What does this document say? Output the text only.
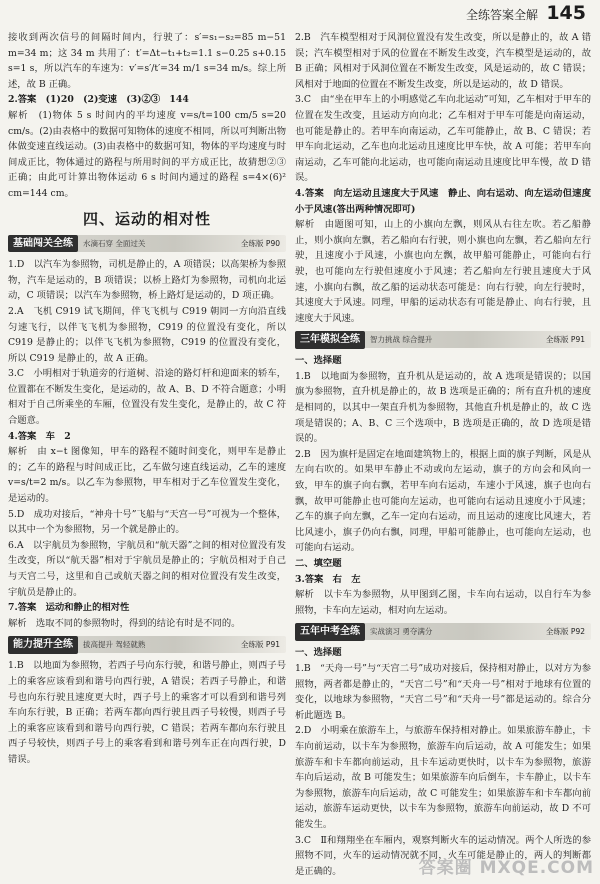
全练答案全解 145

接收到两次信号的间隔时间内，行驶了：s′=s₁−s₂=85 m−51 m=34 m；这 34 m 共用了：t′=Δt−t₁+t₂=1.1 s−0.25 s+0.15 s=1 s，所以汽车的车速为：v′=s′/t′=34 m/1 s=34 m/s。综上所述，故 B 正确。

2.答案　(1)20　(2)变速　(3)②③　144

解析　(1)物体 5 s 时间内的平均速度 v=s/t=100 cm/5 s=20 cm/s。(2)由表格中的数据可知物体的速度不相同，所以可判断出物体做变速直线运动。(3)由表格中的数据可知，物体的平均速度与时间成正比，物体通过的路程与所用时间的平方成正比，故猜想②③正确；由此可计算出物体运动 6 s 时间内通过的路程 s=4×(6)² cm=144 cm。

四、运动的相对性
基础闯关全练	水滴石穿 全面过关	全练版 P90

1.D　以汽车为参照物，司机是静止的，A 项错误；以高架桥为参照物，汽车是运动的，B 项错误；以桥上路灯为参照物，司机向北运动，C 项错误；以汽车为参照物，桥上路灯是运动的，D 项正确。

2.A　飞机 C919 试飞期间，伴飞飞机与 C919 朝同一方向沿直线匀速飞行，以伴飞飞机为参照物，C919 的位置没有变化，所以 C919 是静止的；以伴飞飞机为参照物，C919 的位置没有变化，所以 C919 是静止的，故 A 正确。

3.C　小明相对于轨道旁的行道树、沿途的路灯杆和迎面来的轿车，位置都在不断发生变化，是运动的，故 A、B、D 不符合题意；小明相对于自己所乘坐的车厢，位置没有发生变化，是静止的，故 C 符合题意。

4.答案　车　2

解析　由 x−t 图像知，甲车的路程不随时间变化，则甲车是静止的；乙车的路程与时间成正比，乙车做匀速直线运动，乙车的速度 v=s/t=2 m/s。以乙车为参照物，甲车相对于乙车位置发生变化，是运动的。

5.D　成功对接后，“神舟十号”飞船与“天宫一号”可视为一个整体，以其中一个为参照物，另一个就是静止的。

6.A　以宇航员为参照物，宇航员和“航天器”之间的相对位置没有发生改变，所以“航天器”相对于宇航员是静止的；宇航员相对于自己与天宫二号，这里和自己或航天器之间的相对位置没有发生改变，宇航员是静止的。

7.答案　运动和静止的相对性

解析　选取不同的参照物时，得到的结论有时是不同的。

能力提升全练	拔高提升 驾轻就熟	全练版 P91

1.B　以地面为参照物，若西子号向东行驶，和谐号静止，则西子号上的乘客应该看到和谐号向西行驶，A 错误；若西子号静止，和谐号也向东行驶且速度更大时，西子号上的乘客才可以看到和谐号列车向东行驶，B 正确；若两车都向西行驶且西子号较慢，则西子号上的乘客应该看到和谐号向西行驶，C 错误；若两车都向东行驶且西子号较快，则西子号上的乘客看到和谐号列车正在向西行驶，D 错误。

2.B　汽车模型相对于风洞位置没有发生改变，所以是静止的，故 A 错误；汽车模型相对于风的位置在不断发生改变，汽车模型是运动的，故 B 正确；风相对于风洞位置在不断发生改变，风是运动的，故 C 错误；风相对于地面的位置在不断发生改变，所以是运动的，故 D 错误。

3.C　由“坐在甲车上的小明感觉乙车向北运动”可知，乙车相对于甲车的位置在发生改变，且运动方向向北；乙车相对于甲车可能是向南运动，也可能是静止的。若甲车向南运动，乙车可能静止，故 B、C 错误；若甲车向北运动，乙车也向北运动且速度比甲车快，故 A 可能；若甲车向南运动，乙车可能向北运动，也可能向南运动且速度比甲车慢，故 D 错误。

4.答案　向左运动且速度大于风速　静止、向右运动、向左运动但速度小于风速(答出两种情况即可)

解析　由题图可知，山上的小旗向左飘，则风从右往左吹。若乙船静止，则小旗向左飘，若乙船向右行驶，则小旗也向左飘，若乙船向左行驶，且速度小于风速，小旗也向左飘，故甲船可能静止，可能向右行驶，也可能向左行驶但速度小于风速；若乙船向左行驶且速度大于风速，小旗向右飘，故乙船的运动状态可能是：向右行驶，向左行驶时，其速度大于风速。同理，甲船的运动状态有可能是静止、向右行驶，且速度大于风速。

三年模拟全练	智力挑战 综合提升	全练版 P91

一、选择题

1.B　以地面为参照物，直升机从是运动的，故 A 选项是错误的；以国旗为参照物，直升机是静止的，故 B 选项是正确的；所有直升机的速度是相同的，以其中一架直升机为参照物，其他直升机是静止的，故 C 选项是错误的；A、B、C 三个选项中，B 选项是正确的，故 D 选项是错误的。

2.B　因为旗杆是固定在地面建筑物上的，根据上面的旗子判断，风是从左向右吹的。如果甲车静止不动或向左运动，旗子的方向会和风向一致，甲车的旗子向右飘，若甲车向右运动，车速小于风速，旗子也向右飘，故甲可能静止也可能向左运动，也可能向右运动且速度小于风速；乙车的旗子向左飘，乙车一定向右运动，而且运动的速度比风速大，若比风速小，旗子仍向右飘，同理，甲船可能静止，也可能向左运动，也可能向右运动。

二、填空题

3.答案　右　左

解析　以卡车为参照物，从甲图到乙图，卡车向右运动，以自行车为参照物，卡车向左运动，相对向左运动。

五年中考全练	实战演习 勇夺满分	全练版 P92

一、选择题

1.B　“天舟一号”与“天宫二号”成功对接后，保持相对静止，以对方为参照物，两者都是静止的，“天宫二号”和“天舟一号”相对于地球有位置的变化，以地球为参照物，“天宫二号”和“天舟一号”都是运动的。综合分析此题选 B。

2.D　小明乘在旅游车上，与旅游车保持相对静止。如果旅游车静止，卡车向前运动，以卡车为参照物，旅游车向后运动，故 A 可能发生；如果旅游车和卡车都向前运动，且卡车运动更快时，以卡车为参照物，旅游车向后运动，故 B 可能发生；如果旅游车向后倒车，卡车静止，以卡车为参照物，旅游车向后运动，故 C 可能发生；如果旅游车和卡车都向前运动，旅游车运动更快，以卡车为参照物，旅游车向前运动，故 D 不可能发生。

3.C　Ⅱ和翔翔坐在车厢内，观察判断火车的运动情况。两个人所选的参照物不同，火车的运动情况就不同，火车可能是静止的，两人的判断都是正确的。	答案圈 MXQE.COM
